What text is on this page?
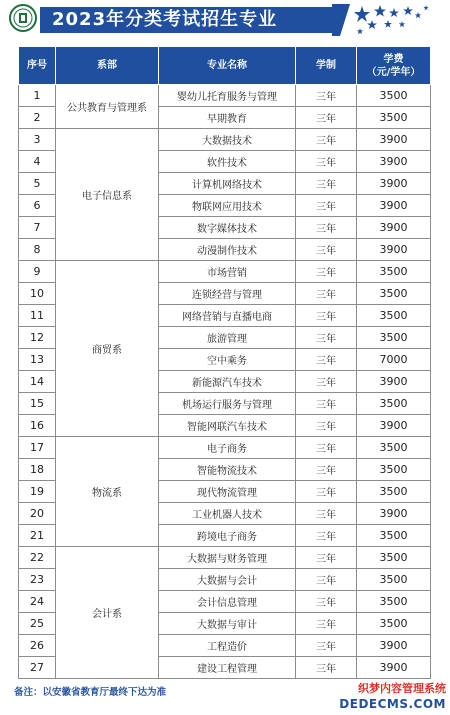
2023年分类考试招生专业
序号	系部	专业名称	学制	学费
（元/学年）
1	公共教育与管理系	婴幼儿托育服务与管理	三年	3500
2		早期教育	三年	3500
3	电子信息系	大数据技术	三年	3900
4		软件技术	三年	3900
5		计算机网络技术	三年	3900
6		物联网应用技术	三年	3900
7		数字媒体技术	三年	3900
8		动漫制作技术	三年	3900
9	商贸系	市场营销	三年	3500
10		连锁经营与管理	三年	3500
11		网络营销与直播电商	三年	3500
12		旅游管理	三年	3500
13		空中乘务	三年	7000
14		新能源汽车技术	三年	3900
15		机场运行服务与管理	三年	3500
16		智能网联汽车技术	三年	3900
17	物流系	电子商务	三年	3500
18		智能物流技术	三年	3500
19		现代物流管理	三年	3500
20		工业机器人技术	三年	3900
21		跨境电子商务	三年	3500
22	会计系	大数据与财务管理	三年	3500
23		大数据与会计	三年	3500
24		会计信息管理	三年	3500
25		大数据与审计	三年	3500
26		工程造价	三年	3900
27		建设工程管理	三年	3900
备注：以安徽省教育厅最终下达为准	织梦内容管理系统
DEDECMS.COM
